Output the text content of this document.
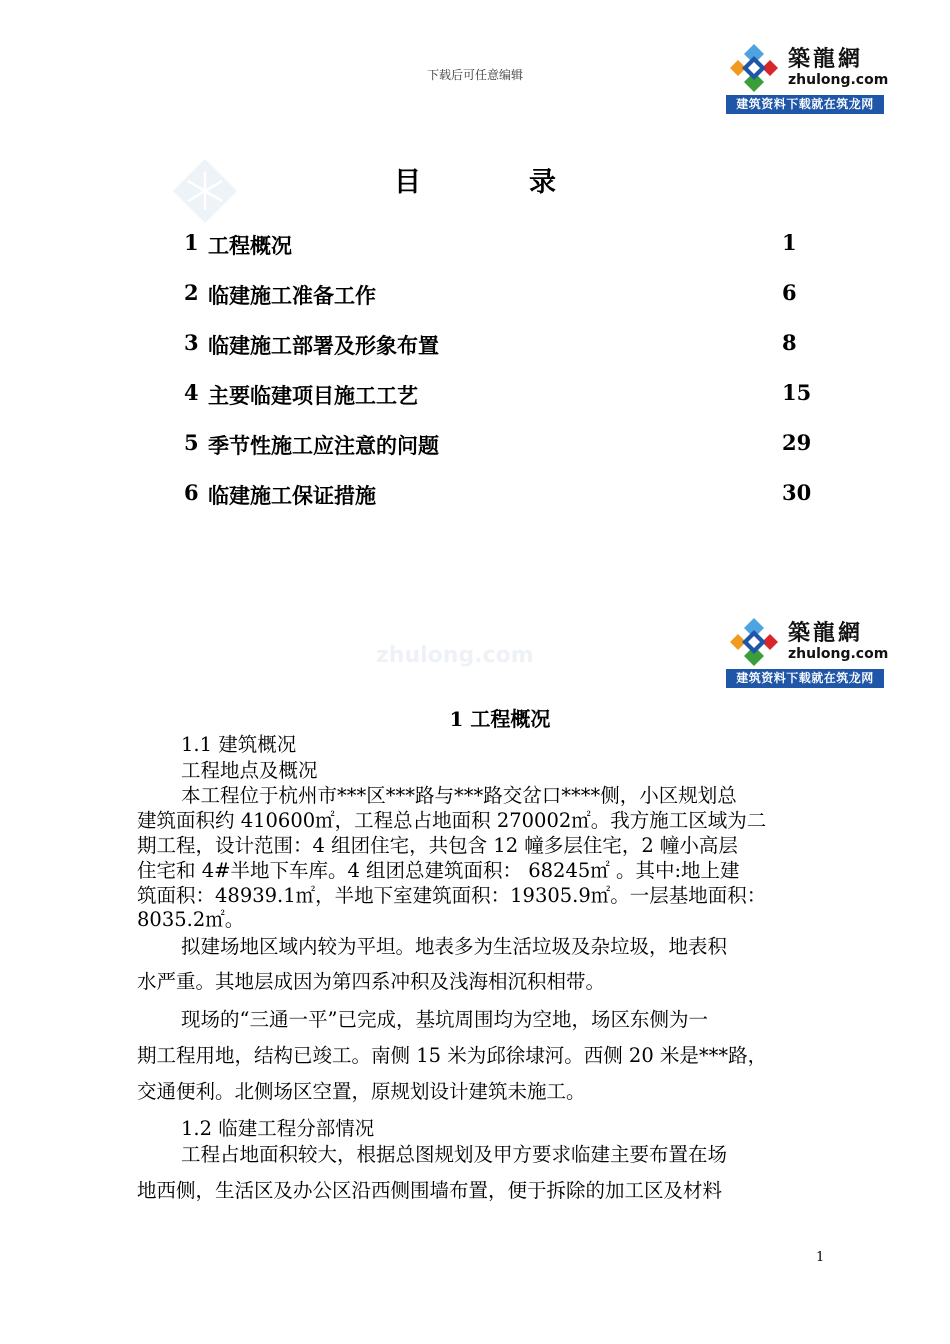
下载后可任意编辑
築龍網
zhulong.com
建筑资料下载就在筑龙网
目	录
1 工程概况	1
2 临建施工准备工作	6
3 临建施工部署及形象布置	8
4 主要临建项目施工工艺	15
5 季节性施工应注意的问题	29
6 临建施工保证措施	30
築龍網
zhulong.com
建筑资料下载就在筑龙网
zhulong.com
1 工程概况
1.1 建筑概况
工程地点及概况
本工程位于杭州市***区***路与***路交岔口****侧，小区规划总
建筑面积约 410600㎡，工程总占地面积 270002㎡。我方施工区域为二
期工程，设计范围：4 组团住宅，共包含 12 幢多层住宅，2 幢小高层
住宅和 4#半地下车库。4 组团总建筑面积： 68245㎡ 。其中:地上建
筑面积：48939.1㎡，半地下室建筑面积：19305.9㎡。一层基地面积：
8035.2㎡。
拟建场地区域内较为平坦。地表多为生活垃圾及杂垃圾，地表积
水严重。其地层成因为第四系冲积及浅海相沉积相带。
现场的“三通一平”已完成，基坑周围均为空地，场区东侧为一
期工程用地，结构已竣工。南侧 15 米为邱徐埭河。西侧 20 米是***路，
交通便利。北侧场区空置，原规划设计建筑未施工。
1.2 临建工程分部情况
工程占地面积较大，根据总图规划及甲方要求临建主要布置在场
地西侧，生活区及办公区沿西侧围墙布置，便于拆除的加工区及材料
1
